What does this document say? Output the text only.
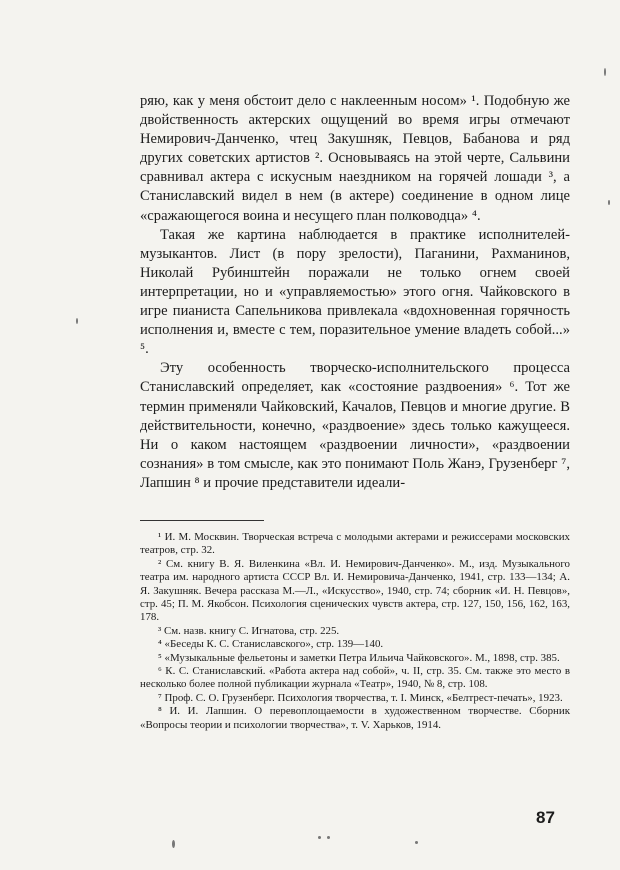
ряю, как у меня обстоит дело с наклеенным носом» ¹. Подобную же двойственность актерских ощущений во время игры отмечают Немирович-Данченко, чтец Закушняк, Певцов, Бабанова и ряд других советских артистов ². Основываясь на этой черте, Сальвини сравнивал актера с искусным наездником на горячей лошади ³, а Станиславский видел в нем (в актере) соединение в одном лице «сражающегося воина и несущего план полководца» ⁴.

Такая же картина наблюдается в практике исполнителей-музыкантов. Лист (в пору зрелости), Паганини, Рахманинов, Николай Рубинштейн поражали не только огнем своей интерпретации, но и «управляемостью» этого огня. Чайковского в игре пианиста Сапельникова привлекала «вдохновенная горячность исполнения и, вместе с тем, поразительное умение владеть собой...» ⁵.

Эту особенность творческо-исполнительского процесса Станиславский определяет, как «состояние раздвоения» ⁶. Тот же термин применяли Чайковский, Качалов, Певцов и многие другие. В действительности, конечно, «раздвоение» здесь только кажущееся. Ни о каком настоящем «раздвоении личности», «раздвоении сознания» в том смысле, как это понимают Поль Жанэ, Грузенберг ⁷, Лапшин ⁸ и прочие представители идеали-

¹ И. М. Москвин. Творческая встреча с молодыми актерами и режиссерами московских театров, стр. 32.

² См. книгу В. Я. Виленкина «Вл. И. Немирович-Данченко». М., изд. Музыкального театра им. народного артиста СССР Вл. И. Немировича-Данченко, 1941, стр. 133—134; А. Я. Закушняк. Вечера рассказа М.—Л., «Искусство», 1940, стр. 74; сборник «И. Н. Певцов», стр. 45; П. М. Якобсон. Психология сценических чувств актера, стр. 127, 150, 156, 162, 163, 178.

³ См. назв. книгу С. Игнатова, стр. 225.

⁴ «Беседы К. С. Станиславского», стр. 139—140.

⁵ «Музыкальные фельетоны и заметки Петра Ильича Чайковского». М., 1898, стр. 385.

⁶ К. С. Станиславский. «Работа актера над собой», ч. II, стр. 35. См. также это место в несколько более полной публикации журнала «Театр», 1940, № 8, стр. 108.

⁷ Проф. С. О. Грузенберг. Психология творчества, т. I. Минск, «Белтрест-печать», 1923.

⁸ И. И. Лапшин. О перевоплощаемости в художественном творчестве. Сборник «Вопросы теории и психологии творчества», т. V. Харьков, 1914.

87
